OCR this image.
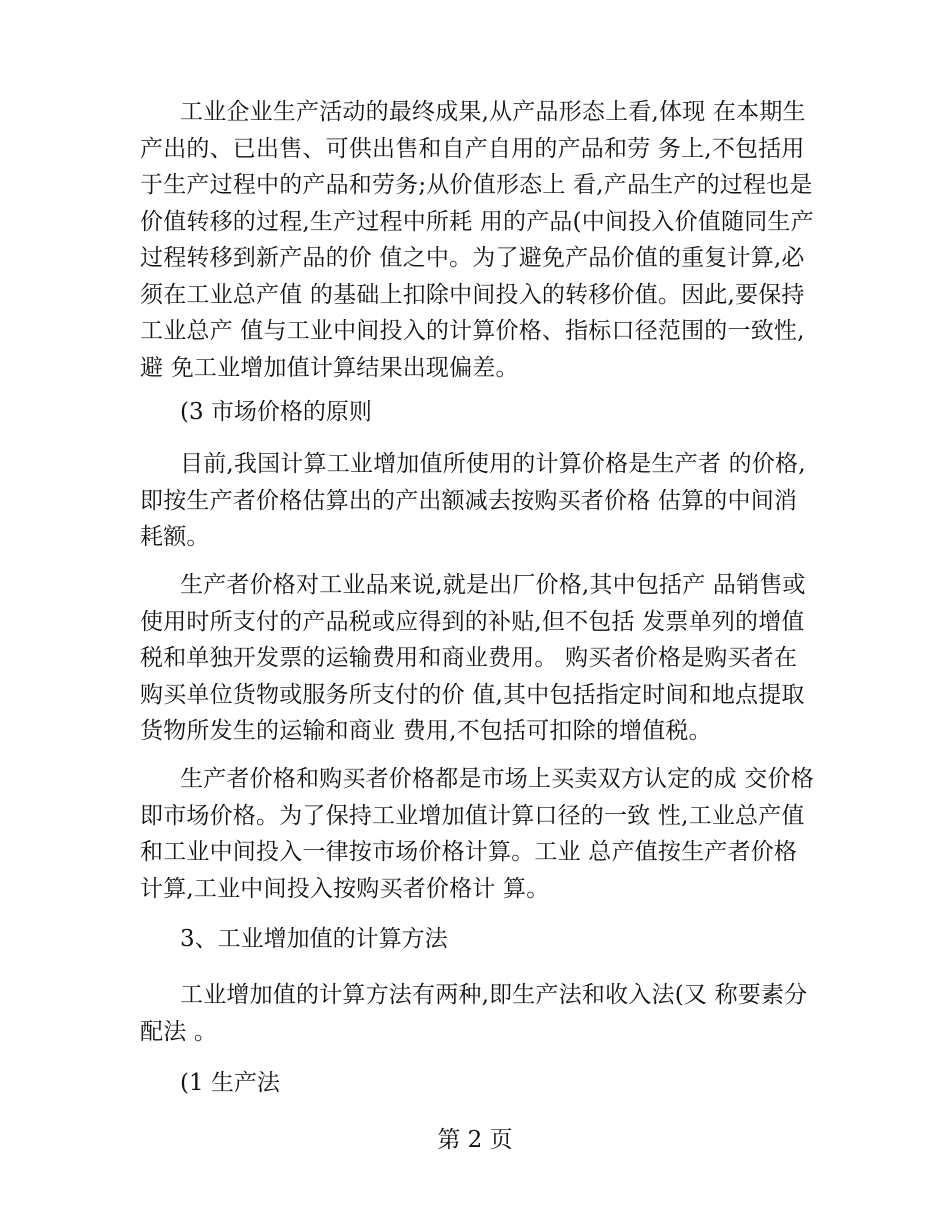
工业企业生产活动的最终成果,从产品形态上看,体现 在本期生产出的、已出售、可供出售和自产自用的产品和劳 务上,不包括用于生产过程中的产品和劳务;从价值形态上 看,产品生产的过程也是价值转移的过程,生产过程中所耗 用的产品(中间投入价值随同生产过程转移到新产品的价 值之中。为了避免产品价值的重复计算,必须在工业总产值 的基础上扣除中间投入的转移价值。因此,要保持工业总产 值与工业中间投入的计算价格、指标口径范围的一致性,避 免工业增加值计算结果出现偏差。

(3 市场价格的原则

目前,我国计算工业增加值所使用的计算价格是生产者 的价格,即按生产者价格估算出的产出额减去按购买者价格 估算的中间消耗额。

生产者价格对工业品来说,就是出厂价格,其中包括产 品销售或使用时所支付的产品税或应得到的补贴,但不包括 发票单列的增值税和单独开发票的运输费用和商业费用。 购买者价格是购买者在购买单位货物或服务所支付的价 值,其中包括指定时间和地点提取货物所发生的运输和商业 费用,不包括可扣除的增值税。

生产者价格和购买者价格都是市场上买卖双方认定的成 交价格即市场价格。为了保持工业增加值计算口径的一致 性,工业总产值和工业中间投入一律按市场价格计算。工业 总产值按生产者价格计算,工业中间投入按购买者价格计 算。

3、工业增加值的计算方法

工业增加值的计算方法有两种,即生产法和收入法(又 称要素分配法 。

(1 生产法

第 2 页
